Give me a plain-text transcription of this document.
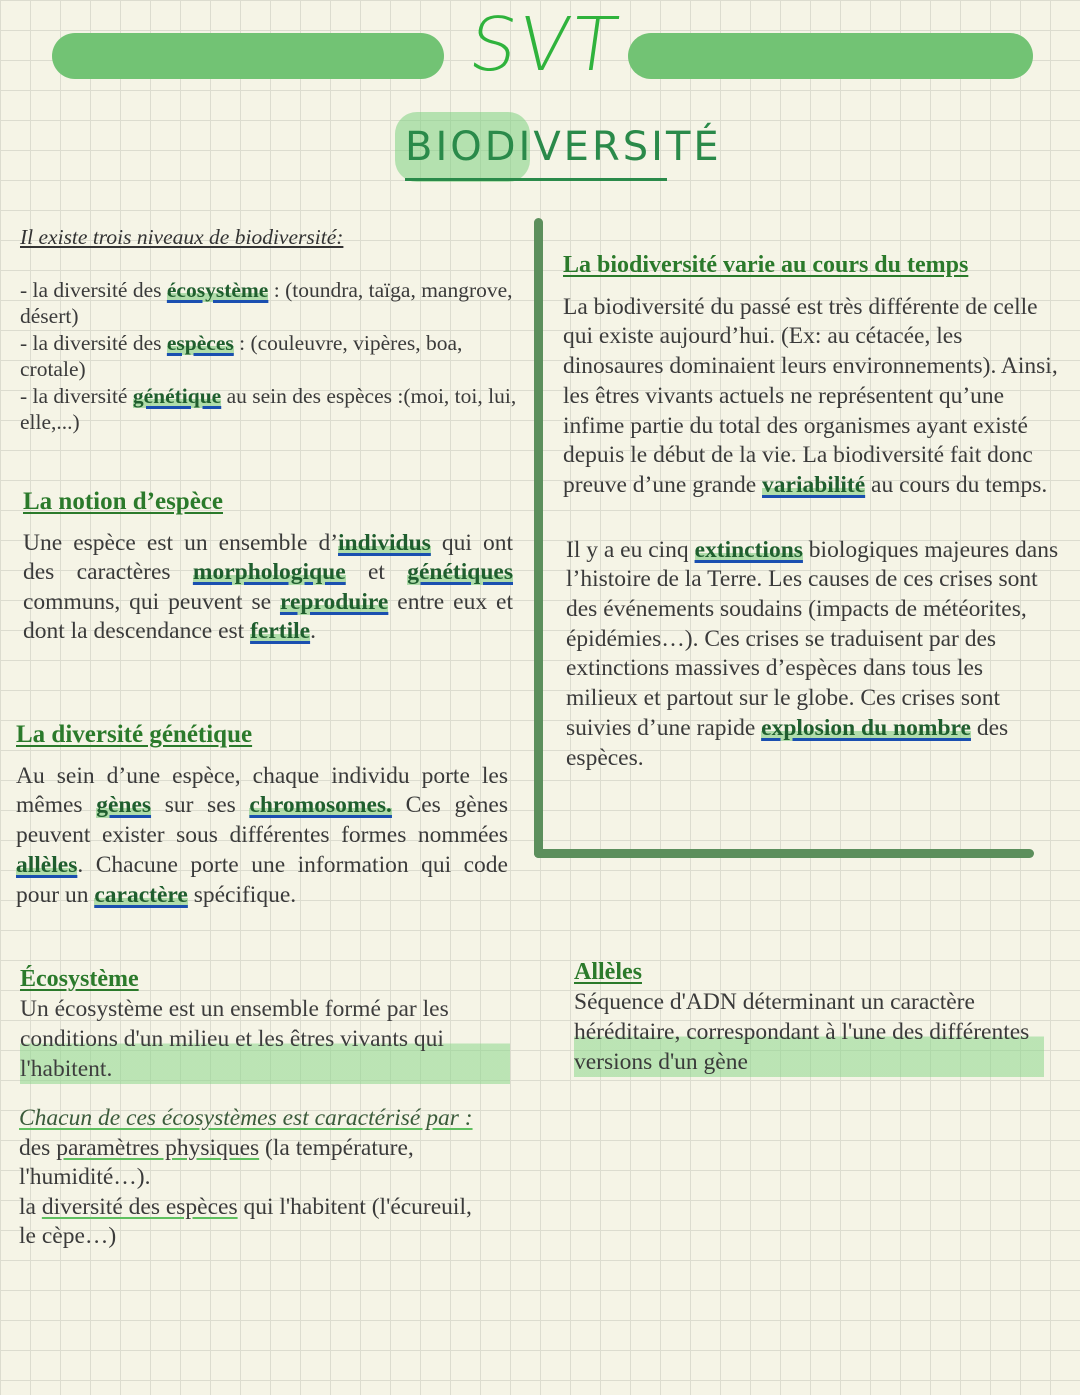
SVT
BIODIVERSITÉ

Il existe trois niveaux de biodiversité:

- la diversité des écosystème : (toundra, taïga, mangrove, désert)

- la diversité des espèces : (couleuvre, vipères, boa, crotale)

- la diversité génétique au sein des espèces :(moi, toi, lui, elle,...)

La notion d’espèce

Une espèce est un ensemble d’individus qui ont des caractères morphologique et génétiques communs, qui peuvent se reproduire entre eux et dont la descendance est fertile.

La diversité génétique

Au sein d’une espèce, chaque individu porte les mêmes gènes sur ses chromosomes. Ces gènes peuvent exister sous différentes formes nommées allèles. Chacune porte une information qui code pour un caractère spécifique.

Écosystème

Un écosystème est un ensemble formé par les conditions d'un milieu et les êtres vivants qui l'habitent.

Chacun de ces écosystèmes est caractérisé par :

des paramètres physiques (la température, l'humidité…).

la diversité des espèces qui l'habitent (l'écureuil, le cèpe…)

La biodiversité varie au cours du temps

La biodiversité du passé est très différente de celle qui existe aujourd’hui. (Ex: au cétacée, les dinosaures dominaient leurs environnements). Ainsi, les êtres vivants actuels ne représentent qu’une infime partie du total des organismes ayant existé depuis le début de la vie. La biodiversité fait donc preuve d’une grande variabilité au cours du temps.

Il y a eu cinq extinctions biologiques majeures dans l’histoire de la Terre. Les causes de ces crises sont des événements soudains (impacts de météorites, épidémies…). Ces crises se traduisent par des extinctions massives d’espèces dans tous les milieux et partout sur le globe. Ces crises sont suivies d’une rapide explosion du nombre des espèces.

Allèles

Séquence d'ADN déterminant un caractère héréditaire, correspondant à l'une des différentes versions d'un gène
